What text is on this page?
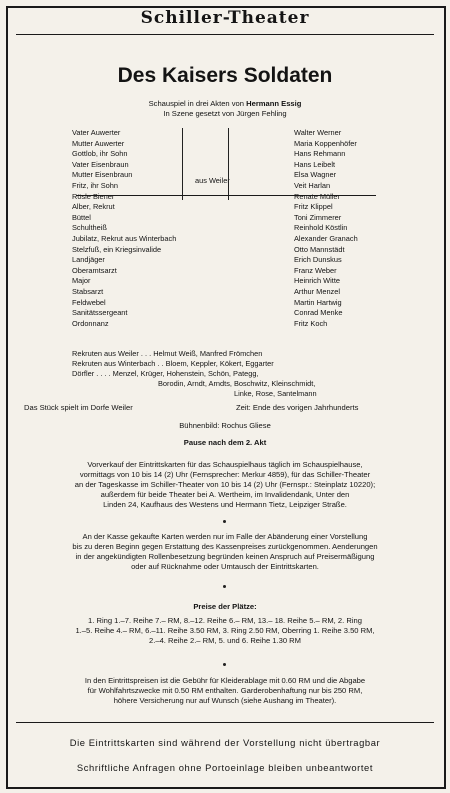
Schiller-Theater
Des Kaisers Soldaten
Schauspiel in drei Akten von Hermann Essig
In Szene gesetzt von Jürgen Fehling
Vater Auwerter	Walter Werner
Mutter Auwerter	Maria Koppenhöfer
Gottlob, ihr Sohn	Hans Rehmann
Vater Eisenbraun	Hans Leibelt
Mutter Eisenbraun	Elsa Wagner
Fritz, ihr Sohn	Veit Harlan
Rösle Biener	Renate Müller
Alber, Rekrut	Fritz Klippel
Büttel	Toni Zimmerer
Schultheiß	Reinhold Köstlin
Jubilatz, Rekrut aus Winterbach	Alexander Granach
Stelzfuß, ein Kriegsinvalide	Otto Mannstädt
Landjäger	Erich Dunskus
Oberamtsarzt	Franz Weber
Major	Heinrich Witte
Stabsarzt	Arthur Menzel
Feldwebel	Martin Hartwig
Sanitätssergeant	Conrad Menke
Ordonnanz	Fritz Koch
aus Weiler
Rekruten aus Weiler . . . Helmut Weiß, Manfred Frömchen
Rekruten aus Winterbach . . Bloem, Keppler, Kökert, Eggarter
Dörfler . . . . Menzel, Krüger, Hohenstein, Schön, Pategg,
Borodin, Arndt, Arndts, Boschwitz, Kleinschmidt,
Linke, Rose, Santelmann
Das Stück spielt im Dorfe Weiler	Zeit: Ende des vorigen Jahrhunderts
Bühnenbild: Rochus Gliese
Pause nach dem 2. Akt
Vorverkauf der Eintrittskarten für das Schauspielhaus täglich im Schauspielhause,
vormittags von 10 bis 14 (2) Uhr (Fernsprecher: Merkur 4859), für das Schiller-Theater
an der Tageskasse im Schiller-Theater von 10 bis 14 (2) Uhr (Fernspr.: Steinplatz 10220);
außerdem für beide Theater bei A. Wertheim, im Invalidendank, Unter den
Linden 24, Kaufhaus des Westens und Hermann Tietz, Leipziger Straße.
An der Kasse gekaufte Karten werden nur im Falle der Abänderung einer Vorstellung
bis zu deren Beginn gegen Erstattung des Kassenpreises zurückgenommen. Aenderungen
in der angekündigten Rollenbesetzung begründen keinen Anspruch auf Preisermäßigung
oder auf Rücknahme oder Umtausch der Eintrittskarten.
Preise der Plätze:
1. Ring 1.–7. Reihe 7.– RM, 8.–12. Reihe 6.– RM, 13.– 18. Reihe 5.– RM, 2. Ring
1.–5. Reihe 4.– RM, 6.–11. Reihe 3.50 RM, 3. Ring 2.50 RM, Oberring 1. Reihe 3.50 RM,
2.–4. Reihe 2.– RM, 5. und 6. Reihe 1.30 RM
In den Eintrittspreisen ist die Gebühr für Kleiderablage mit 0.60 RM und die Abgabe
für Wohlfahrtszwecke mit 0.50 RM enthalten. Garderobenhaftung nur bis 250 RM,
höhere Versicherung nur auf Wunsch (siehe Aushang im Theater).
Die Eintrittskarten sind während der Vorstellung nicht übertragbar
Schriftliche Anfragen ohne Portoeinlage bleiben unbeantwortet
